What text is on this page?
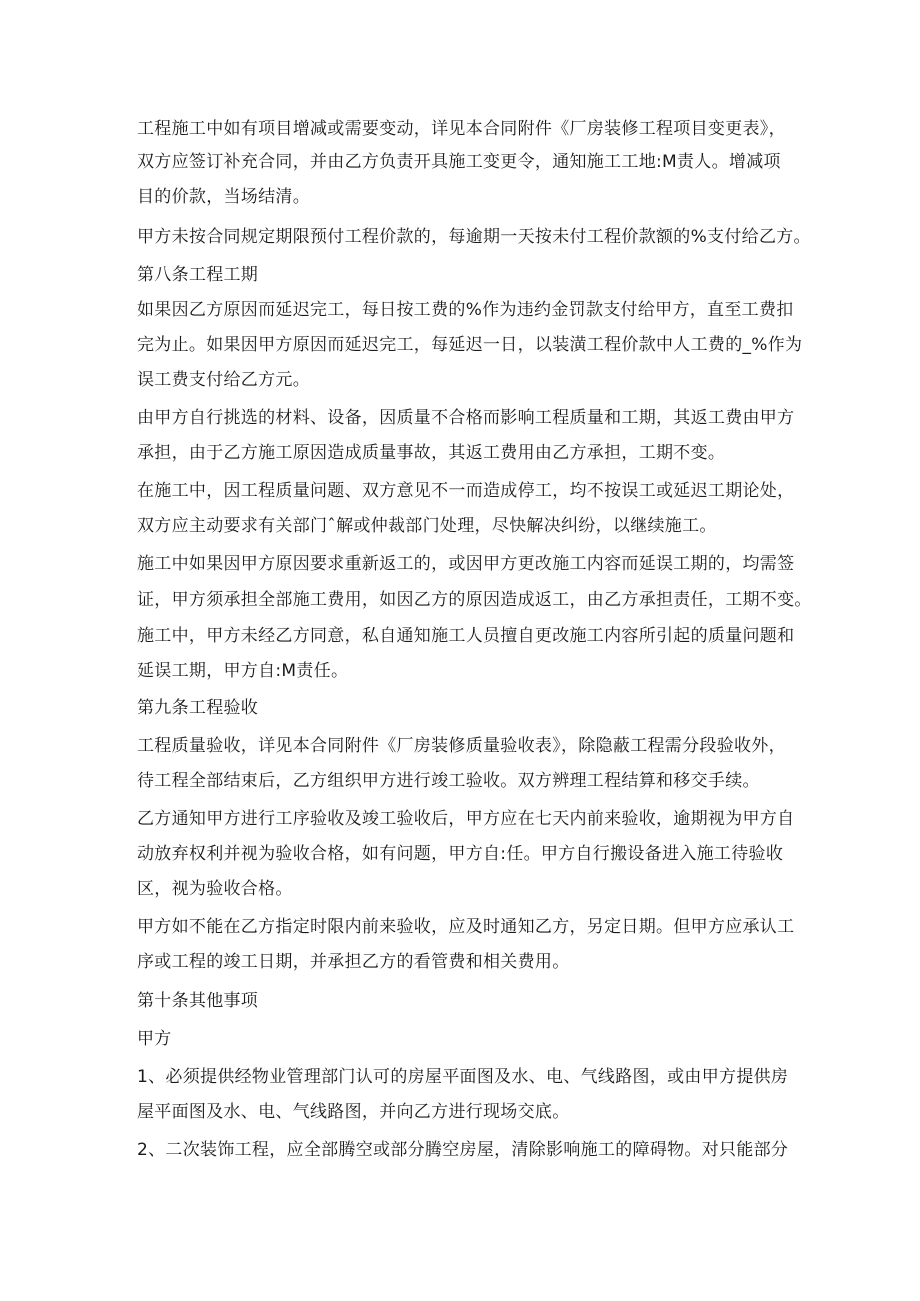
工程施工中如有项目增减或需要变动，详见本合同附件《厂房装修工程项目变更表》，
双方应签订补充合同，并由乙方负责开具施工变更令，通知施工工地:M责人。增减项
目的价款，当场结清。
甲方未按合同规定期限预付工程价款的，每逾期一天按未付工程价款额的%支付给乙方。
第八条工程工期
如果因乙方原因而延迟完工，每日按工费的%作为违约金罚款支付给甲方，直至工费扣
完为止。如果因甲方原因而延迟完工，每延迟一日，以装潢工程价款中人工费的_%作为
误工费支付给乙方元。
由甲方自行挑选的材料、设备，因质量不合格而影响工程质量和工期，其返工费由甲方
承担，由于乙方施工原因造成质量事故，其返工费用由乙方承担，工期不变。
在施工中，因工程质量问题、双方意见不一而造成停工，均不按误工或延迟工期论处，
双方应主动要求有关部门ˆ解或仲裁部门处理，尽快解决纠纷，以继续施工。
施工中如果因甲方原因要求重新返工的，或因甲方更改施工内容而延误工期的，均需签
证，甲方须承担全部施工费用，如因乙方的原因造成返工，由乙方承担责任，工期不变。
施工中，甲方未经乙方同意，私自通知施工人员擅自更改施工内容所引起的质量问题和
延误工期，甲方自:M责任。
第九条工程验收
工程质量验收，详见本合同附件《厂房装修质量验收表》，除隐蔽工程需分段验收外，
待工程全部结束后，乙方组织甲方进行竣工验收。双方辨理工程结算和移交手续。
乙方通知甲方进行工序验收及竣工验收后，甲方应在七天内前来验收，逾期视为甲方自
动放弃权利并视为验收合格，如有问题，甲方自:任。甲方自行搬设备进入施工待验收
区，视为验收合格。
甲方如不能在乙方指定时限内前来验收，应及时通知乙方，另定日期。但甲方应承认工
序或工程的竣工日期，并承担乙方的看管费和相关费用。
第十条其他事项
甲方
1、必须提供经物业管理部门认可的房屋平面图及水、电、气线路图，或由甲方提供房
屋平面图及水、电、气线路图，并向乙方进行现场交底。
2、二次装饰工程，应全部腾空或部分腾空房屋，清除影响施工的障碍物。对只能部分
